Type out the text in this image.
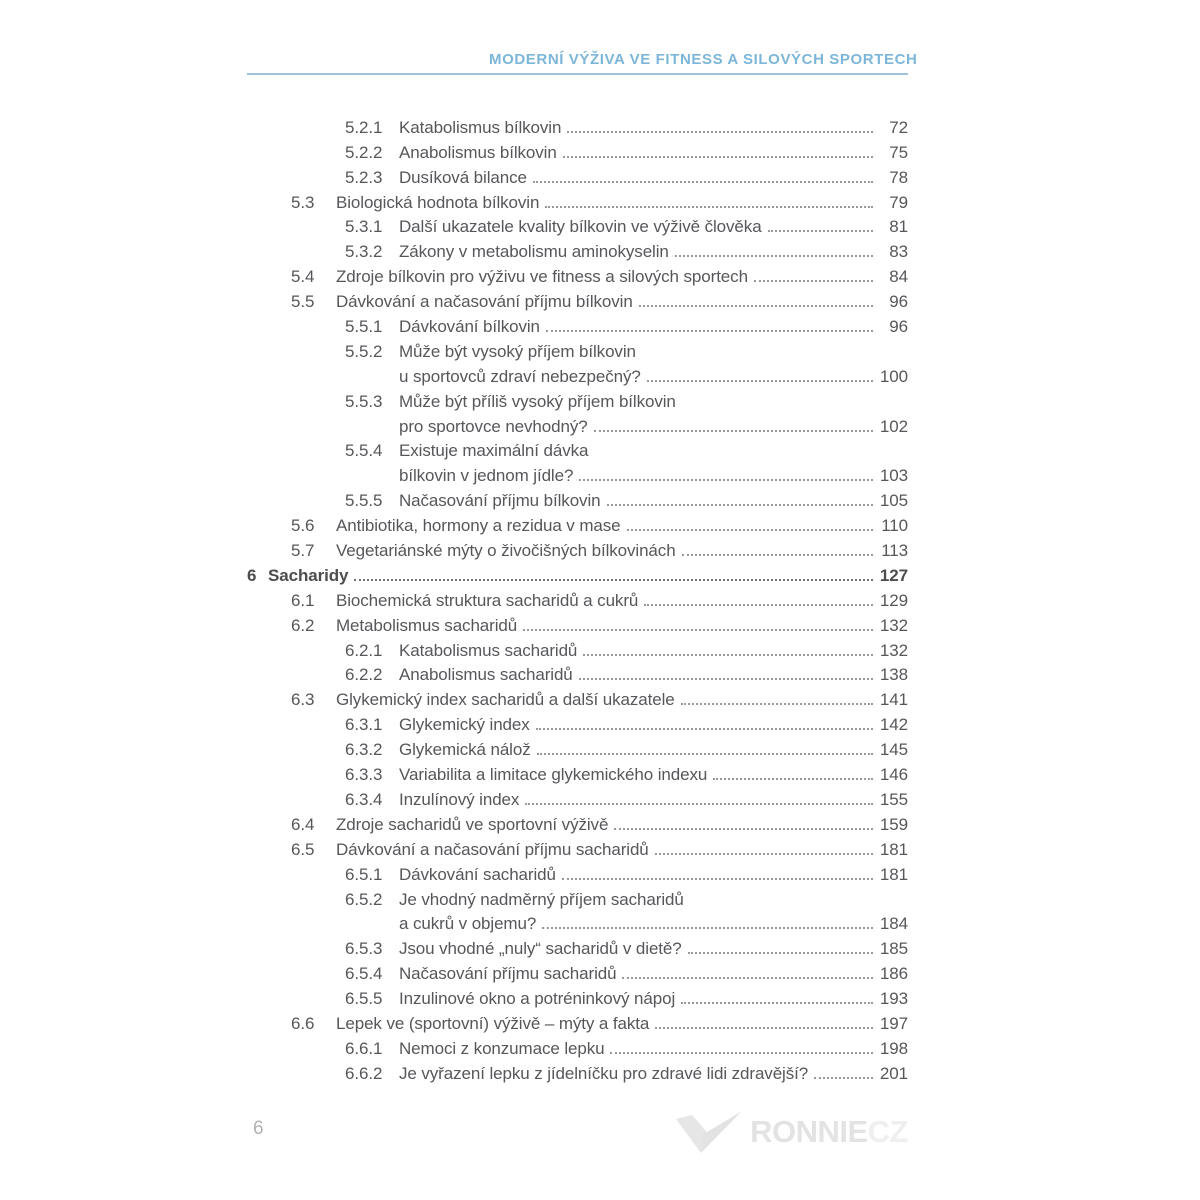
MODERNÍ VÝŽIVA VE FITNESS A SILOVÝCH SPORTECH
5.2.1 Katabolismus bílkovin	72
5.2.2 Anabolismus bílkovin	75
5.2.3 Dusíková bilance	78
5.3	Biologická hodnota bílkovin	79
5.3.1 Další ukazatele kvality bílkovin ve výživě člověka	81
5.3.2 Zákony v metabolismu aminokyselin	83
5.4	Zdroje bílkovin pro výživu ve fitness a silových sportech	84
5.5	Dávkování a načasování příjmu bílkovin	96
5.5.1 Dávkování bílkovin	96
5.5.2 Může být vysoký příjem bílkovin
u sportovců zdraví nebezpečný?	100
5.5.3 Může být příliš vysoký příjem bílkovin
pro sportovce nevhodný?	102
5.5.4 Existuje maximální dávka
bílkovin v jednom jídle?	103
5.5.5 Načasování příjmu bílkovin	105
5.6	Antibiotika, hormony a rezidua v mase	110
5.7	Vegetariánské mýty o živočišných bílkovinách	113
6 Sacharidy	127
6.1	Biochemická struktura sacharidů a cukrů	129
6.2	Metabolismus sacharidů	132
6.2.1 Katabolismus sacharidů	132
6.2.2 Anabolismus sacharidů	138
6.3	Glykemický index sacharidů a další ukazatele	141
6.3.1 Glykemický index	142
6.3.2 Glykemická nálož	145
6.3.3 Variabilita a limitace glykemického indexu	146
6.3.4 Inzulínový index	155
6.4	Zdroje sacharidů ve sportovní výživě	159
6.5	Dávkování a načasování příjmu sacharidů	181
6.5.1 Dávkování sacharidů	181
6.5.2 Je vhodný nadměrný příjem sacharidů
a cukrů v objemu?	184
6.5.3 Jsou vhodné „nuly“ sacharidů v dietě?	185
6.5.4 Načasování příjmu sacharidů	186
6.5.5 Inzulinové okno a potréninkový nápoj	193
6.6	Lepek ve (sportovní) výživě – mýty a fakta	197
6.6.1 Nemoci z konzumace lepku	198
6.6.2 Je vyřazení lepku z jídelníčku pro zdravé lidi zdravější?	201
6	RONNIE CZ
